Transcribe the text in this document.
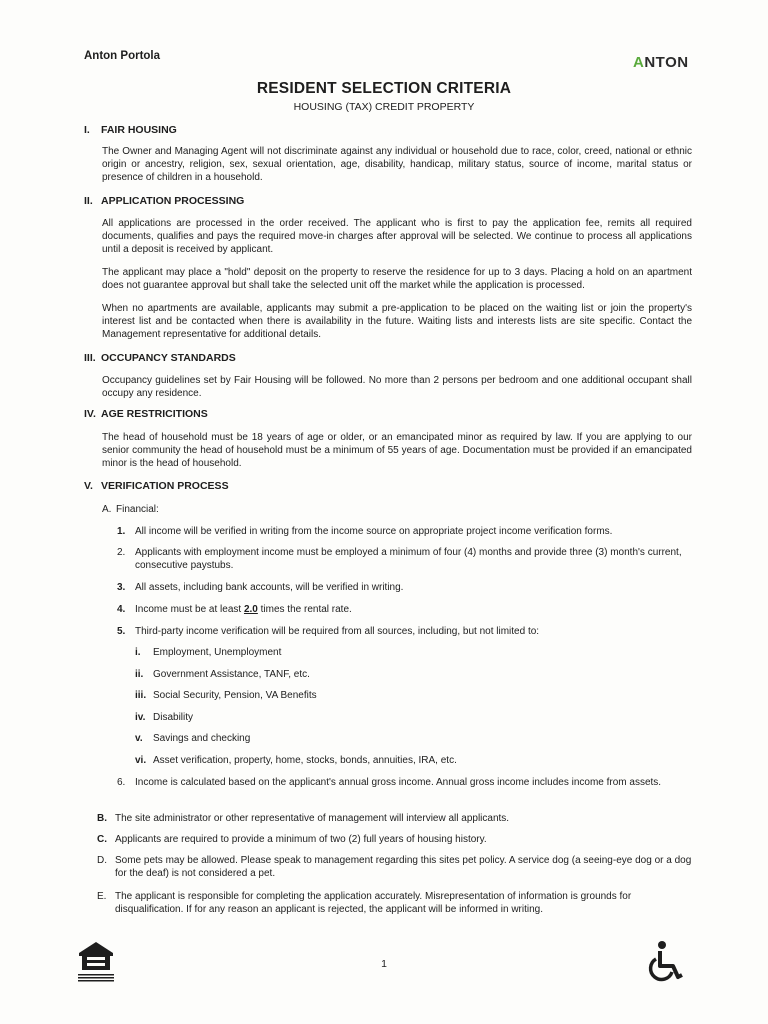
Anton Portola	ANTON
RESIDENT SELECTION CRITERIA
HOUSING (TAX) CREDIT PROPERTY
I. FAIR HOUSING
The Owner and Managing Agent will not discriminate against any individual or household due to race, color, creed, national or ethnic origin or ancestry, religion, sex, sexual orientation, age, disability, handicap, military status, source of income, marital status or presence of children in a household.
II. APPLICATION PROCESSING
All applications are processed in the order received. The applicant who is first to pay the application fee, remits all required documents, qualifies and pays the required move-in charges after approval will be selected. We continue to process all applications until a deposit is received by applicant.
The applicant may place a "hold" deposit on the property to reserve the residence for up to 3 days. Placing a hold on an apartment does not guarantee approval but shall take the selected unit off the market while the application is processed.
When no apartments are available, applicants may submit a pre-application to be placed on the waiting list or join the property's interest list and be contacted when there is availability in the future. Waiting lists and interests lists are site specific. Contact the Management representative for additional details.
III. OCCUPANCY STANDARDS
Occupancy guidelines set by Fair Housing will be followed. No more than 2 persons per bedroom and one additional occupant shall occupy any residence.
IV. AGE RESTRICITIONS
The head of household must be 18 years of age or older, or an emancipated minor as required by law. If you are applying to our senior community the head of household must be a minimum of 55 years of age. Documentation must be provided if an emancipated minor is the head of household.
V. VERIFICATION PROCESS
A. Financial:
1. All income will be verified in writing from the income source on appropriate project income verification forms.
2. Applicants with employment income must be employed a minimum of four (4) months and provide three (3) month's current, consecutive paystubs.
3. All assets, including bank accounts, will be verified in writing.
4. Income must be at least 2.0 times the rental rate.
5. Third-party income verification will be required from all sources, including, but not limited to:
i. Employment, Unemployment
ii. Government Assistance, TANF, etc.
iii. Social Security, Pension, VA Benefits
iv. Disability
v. Savings and checking
vi. Asset verification, property, home, stocks, bonds, annuities, IRA, etc.
6. Income is calculated based on the applicant's annual gross income. Annual gross income includes income from assets.
B. The site administrator or other representative of management will interview all applicants.
C. Applicants are required to provide a minimum of two (2) full years of housing history.
D. Some pets may be allowed. Please speak to management regarding this sites pet policy. A service dog (a seeing-eye dog or a dog for the deaf) is not considered a pet.
E. The applicant is responsible for completing the application accurately. Misrepresentation of information is grounds for disqualification. If for any reason an applicant is rejected, the applicant will be informed in writing.
1
